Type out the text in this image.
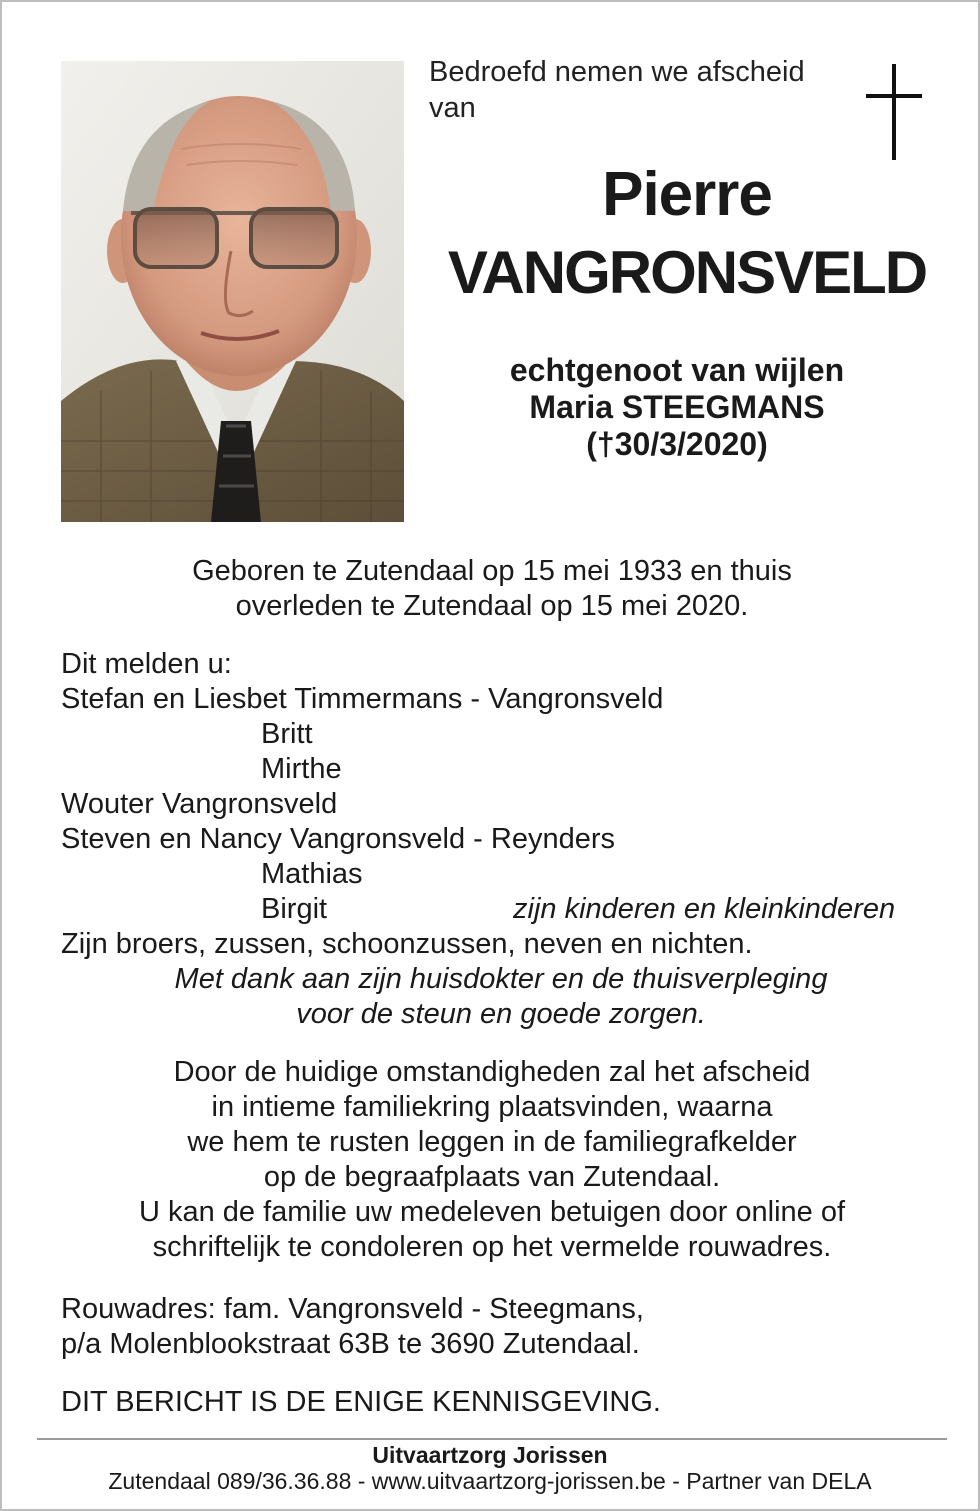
Bedroefd nemen we afscheid van

Pierre
VANGRONSVELD
echtgenoot van wijlen
Maria STEEGMANS
(†30/3/2020)
Geboren te Zutendaal op 15 mei 1933 en thuis
overleden te Zutendaal op 15 mei 2020.
Dit melden u:
Stefan en Liesbet Timmermans - Vangronsveld
Britt
Mirthe
Wouter Vangronsveld
Steven en Nancy Vangronsveld - Reynders
Mathias
Birgit	zijn kinderen en kleinkinderen
Zijn broers, zussen, schoonzussen, neven en nichten.
Met dank aan zijn huisdokter en de thuisverpleging
voor de steun en goede zorgen.
Door de huidige omstandigheden zal het afscheid
in intieme familiekring plaatsvinden, waarna
we hem te rusten leggen in de familiegrafkelder
op de begraafplaats van Zutendaal.
U kan de familie uw medeleven betuigen door online of
schriftelijk te condoleren op het vermelde rouwadres.
Rouwadres: fam. Vangronsveld - Steegmans,
p/a Molenblookstraat 63B te 3690 Zutendaal.

DIT BERICHT IS DE ENIGE KENNISGEVING.

Uitvaartzorg Jorissen
Zutendaal 089/36.36.88 - www.uitvaartzorg-jorissen.be - Partner van DELA
